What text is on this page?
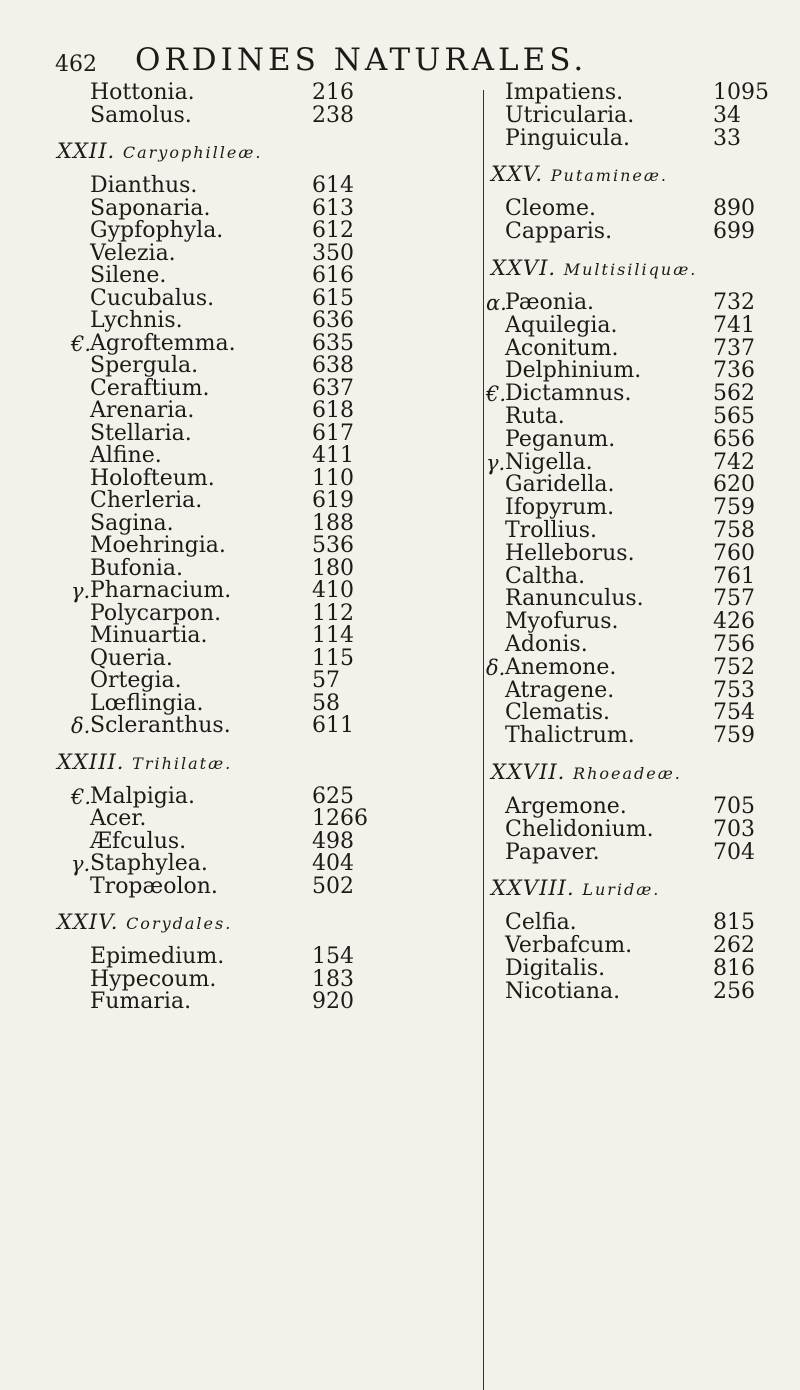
462 ORDINES NATURALES.
Hottonia.	216
Samolus.	238
XXII. Caryophilleæ.
Dianthus.	614
Saponaria.	613
Gypfophyla.	612
Velezia.	350
Silene.	616
Cucubalus.	615
Lychnis.	636
€.
Agroftemma.	635
Spergula.	638
Ceraftium.	637
Arenaria.	618
Stellaria.	617
Alfine.	411
Holofteum.	110
Cherleria.	619
Sagina.	188
Moehringia.	536
Bufonia.	180
γ. Pharnacium.	410
Polycarpon.	112
Minuartia.	114
Queria.	115
Ortegia.	57
Lœflingia.	58
δ. Scleranthus.	611
XXIII. Trihilatæ.
€.
Malpigia.	625
Acer.	1266
Æfculus.	498
γ. Staphylea.	404
Tropæolon.	502
XXIV. Corydales.
Epimedium.	154
Hypecoum.	183
Fumaria.	920
Impatiens.	1095
Utricularia.	34
Pinguicula.	33
XXV. Putamineæ.
Cleome.	890
Capparis.	699
XXVI. Multisiliquæ.
α.
Pæonia.	732
Aquilegia.	741
Aconitum.	737
Delphinium.	736
€.
Dictamnus.	562
Ruta.	565
Peganum.	656
γ. Nigella.	742
Garidella.	620
Ifopyrum.	759
Trollius.	758
Helleborus.	760
Caltha.	761
Ranunculus.	757
Myofurus.	426
Adonis.	756
δ. Anemone.	752
Atragene.	753
Clematis.	754
Thalictrum.	759
XXVII. Rhoeadeæ.
Argemone.	705
Chelidonium.	703
Papaver.	704
XXVIII. Luridæ.
Celfia.	815
Verbafcum.	262
Digitalis.	816
Nicotiana.	256
